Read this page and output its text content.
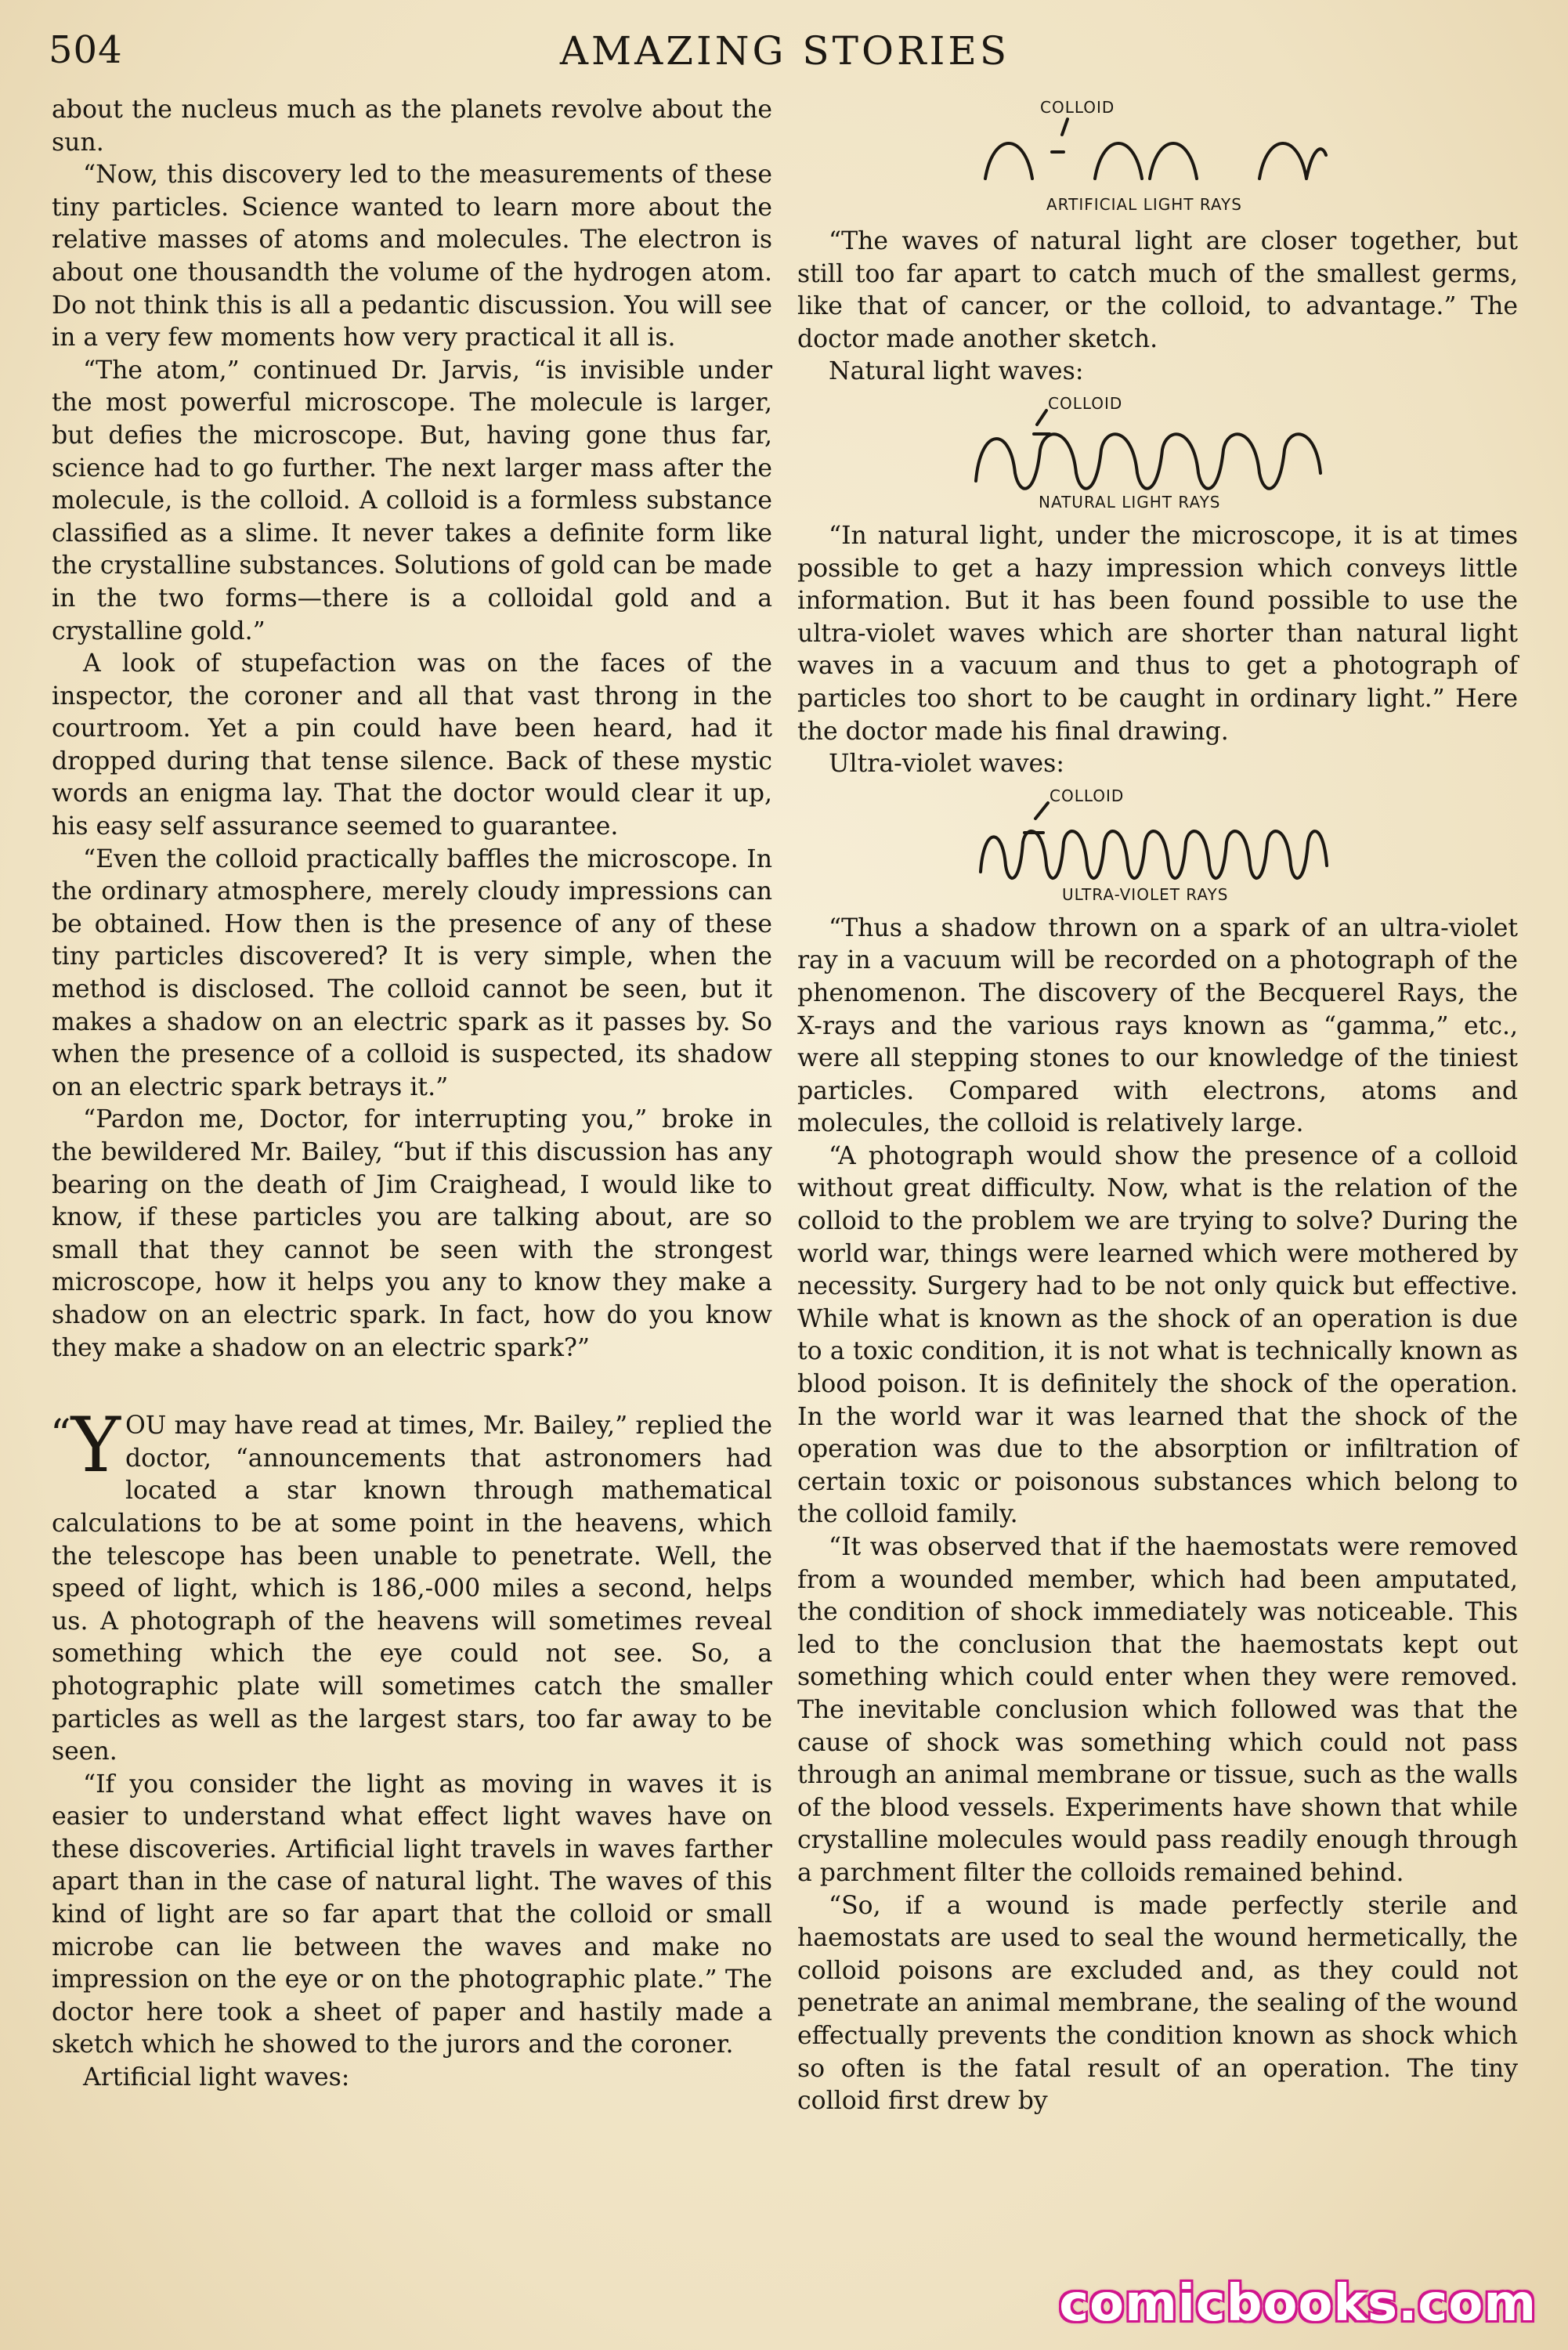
504	AMAZING STORIES

about the nucleus much as the planets revolve about the sun.

“Now, this discovery led to the measurements of these tiny particles. Science wanted to learn more about the relative masses of atoms and molecules. The electron is about one thousandth the volume of the hydrogen atom. Do not think this is all a pedantic discussion. You will see in a very few moments how very practical it all is.

“The atom,” continued Dr. Jarvis, “is invisible under the most powerful microscope. The molecule is larger, but defies the microscope. But, having gone thus far, science had to go further. The next larger mass after the molecule, is the colloid. A colloid is a formless substance classified as a slime. It never takes a definite form like the crystalline substances. Solutions of gold can be made in the two forms—there is a colloidal gold and a crystalline gold.”

A look of stupefaction was on the faces of the inspector, the coroner and all that vast throng in the courtroom. Yet a pin could have been heard, had it dropped during that tense silence. Back of these mystic words an enigma lay. That the doctor would clear it up, his easy self assurance seemed to guarantee.

“Even the colloid practically baffles the microscope. In the ordinary atmosphere, merely cloudy impressions can be obtained. How then is the presence of any of these tiny particles discovered? It is very simple, when the method is disclosed. The colloid cannot be seen, but it makes a shadow on an electric spark as it passes by. So when the presence of a colloid is suspected, its shadow on an electric spark betrays it.”

“Pardon me, Doctor, for interrupting you,” broke in the bewildered Mr. Bailey, “but if this discussion has any bearing on the death of Jim Craighead, I would like to know, if these particles you are talking about, are so small that they cannot be seen with the strongest microscope, how it helps you any to know they make a shadow on an electric spark. In fact, how do you know they make a shadow on an electric spark?”

“Y OU may have read at times, Mr. Bailey,” replied the doctor, “announcements that astronomers had located a star known through mathematical calculations to be at some point in the heavens, which the telescope has been unable to penetrate. Well, the speed of light, which is 186,-000 miles a second, helps us. A photograph of the heavens will sometimes reveal something which the eye could not see. So, a photographic plate will sometimes catch the smaller particles as well as the largest stars, too far away to be seen.

“If you consider the light as moving in waves it is easier to understand what effect light waves have on these discoveries. Artificial light travels in waves farther apart than in the case of natural light. The waves of this kind of light are so far apart that the colloid or small microbe can lie between the waves and make no impression on the eye or on the photographic plate.” The doctor here took a sheet of paper and hastily made a sketch which he showed to the jurors and the coroner.

Artificial light waves:

COLLOID
ARTIFICIAL LIGHT RAYS

“The waves of natural light are closer together, but still too far apart to catch much of the smallest germs, like that of cancer, or the colloid, to advantage.” The doctor made another sketch.

Natural light waves:

COLLOID
NATURAL LIGHT RAYS

“In natural light, under the microscope, it is at times possible to get a hazy impression which conveys little information. But it has been found possible to use the ultra-violet waves which are shorter than natural light waves in a vacuum and thus to get a photograph of particles too short to be caught in ordinary light.” Here the doctor made his final drawing.

Ultra-violet waves:

COLLOID
ULTRA-VIOLET RAYS

“Thus a shadow thrown on a spark of an ultra-violet ray in a vacuum will be recorded on a photograph of the phenomenon. The discovery of the Becquerel Rays, the X-rays and the various rays known as “gamma,” etc., were all stepping stones to our knowledge of the tiniest particles. Compared with electrons, atoms and molecules, the colloid is relatively large.

“A photograph would show the presence of a colloid without great difficulty. Now, what is the relation of the colloid to the problem we are trying to solve? During the world war, things were learned which were mothered by necessity. Surgery had to be not only quick but effective. While what is known as the shock of an operation is due to a toxic condition, it is not what is technically known as blood poison. It is definitely the shock of the operation. In the world war it was learned that the shock of the operation was due to the absorption or infiltration of certain toxic or poisonous substances which belong to the colloid family.

“It was observed that if the haemostats were removed from a wounded member, which had been amputated, the condition of shock immediately was noticeable. This led to the conclusion that the haemostats kept out something which could enter when they were removed. The inevitable conclusion which followed was that the cause of shock was something which could not pass through an animal membrane or tissue, such as the walls of the blood vessels. Experiments have shown that while crystalline molecules would pass readily enough through a parchment filter the colloids remained behind.

“So, if a wound is made perfectly sterile and haemostats are used to seal the wound hermetically, the colloid poisons are excluded and, as they could not penetrate an animal membrane, the sealing of the wound effectually prevents the condition known as shock which so often is the fatal result of an operation. The tiny colloid first drew by

comicbooks.com
